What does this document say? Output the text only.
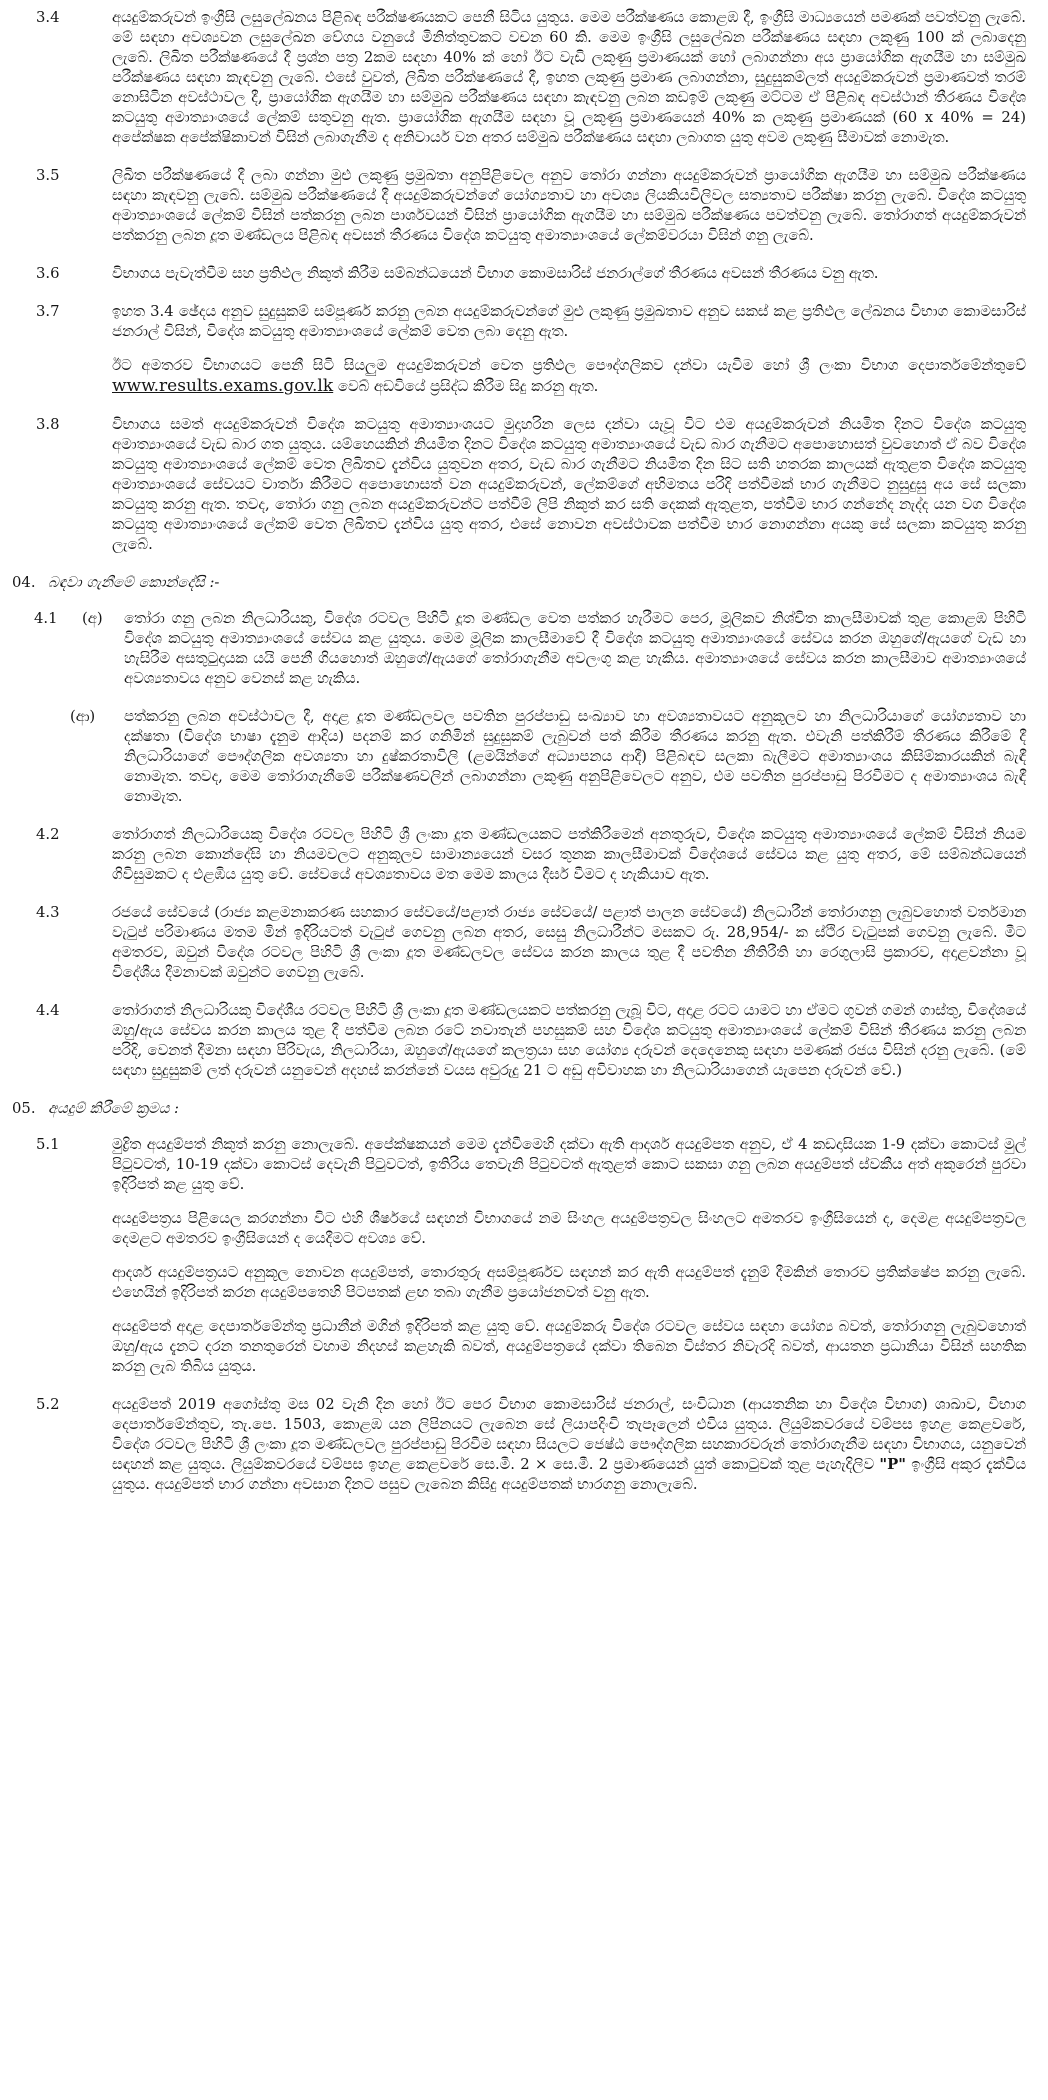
3.4	අයදුම්කරුවන් ඉංග්‍රීසි ලසුලේඛනය පිළිබඳ පරීක්ෂණයකට පෙනී සිටිය යුතුය. මෙම පරීක්ෂණය කොළඹ දී, ඉංග්‍රීසි මාධ්‍යයෙන් පමණක් පවත්වනු ලැබේ. මේ සඳහා අවශ්‍යවන ලසුලේඛන වේගය වනුයේ මිනිත්තුවකට වචන 60 කි. මෙම ඉංග්‍රීසි ලසුලේඛන පරීක්ෂණය සඳහා ලකුණු 100 ක් ලබාදෙනු ලැබේ. ලිඛිත පරීක්ෂණයේ දී ප්‍රශ්න පත්‍ර 2කම සඳහා 40% ක් හෝ ඊට වැඩි ලකුණු ප්‍රමාණයක් හෝ ලබාගන්නා අය ප්‍රායෝගික ඇගයීම හා සම්මුඛ පරීක්ෂණය සඳහා කැඳවනු ලැබේ. එසේ වුවත්, ලිඛිත පරීක්ෂණයේ දී, ඉහත ලකුණු ප්‍රමාණ ලබාගන්නා, සුදුසුකම්ලත් අයදුම්කරුවන් ප්‍රමාණවත් තරම් නොසිටින අවස්ථාවල දී, ප්‍රායෝගික ඇගයීම හා සම්මුඛ පරීක්ෂණය සඳහා කැඳවනු ලබන කඩඉම් ලකුණු මට්ටම ඒ පිළිබඳ අවස්ථාන් තීරණය විදේශ කටයුතු අමාත්‍යාංශයේ ලේකම් සතුවනු ඇත. ප්‍රායෝගික ඇගයීම සඳහා වූ ලකුණු ප්‍රමාණයෙන් 40% ක ලකුණු ප්‍රමාණයක් (60 x 40% = 24) අපේක්ෂක අපේක්ෂිකාවන් විසින් ලබාගැනීම ද අනිවාර්ය වන අතර සම්මුඛ පරීක්ෂණය සඳහා ලබාගත යුතු අවම ලකුණු සීමාවක් නොමැත.

3.5	ලිඛිත පරීක්ෂණයේ දී ලබා ගන්නා මුළු ලකුණු ප්‍රමුඛතා අනුපිළිවෙල අනුව තෝරා ගන්නා අයදුම්කරුවන් ප්‍රායෝගික ඇගයීම හා සම්මුඛ පරීක්ෂණය සඳහා කැඳවනු ලැබේ. සම්මුඛ පරීක්ෂණයේ දී අයදුම්කරුවන්ගේ යෝග්‍යතාව හා අවශ්‍ය ලියකියවිලිවල සත්‍යතාව පරීක්ෂා කරනු ලැබේ. විදේශ කටයුතු අමාත්‍යාංශයේ ලේකම් විසින් පත්කරනු ලබන පාර්ශවයන් විසින් ප්‍රායෝගික ඇගයීම හා සම්මුඛ පරීක්ෂණය පවත්වනු ලැබේ. තෝරාගත් අයදුම්කරුවන් පත්කරනු ලබන දූත මණ්ඩලය පිළිබඳ අවසන් තීරණය විදේශ කටයුතු අමාත්‍යාංශයේ ලේකම්වරයා විසින් ගනු ලැබේ.

3.6	විභාගය පැවැත්වීම සහ ප්‍රතිඵල නිකුත් කිරීම සම්බන්ධයෙන් විභාග කොමසාරිස් ජනරාල්ගේ තීරණය අවසන් තීරණය වනු ඇත.

3.7	ඉහත 3.4 ඡේදය අනුව සුදුසුකම් සම්පූර්ණ කරනු ලබන අයදුම්කරුවන්ගේ මුළු ලකුණු ප්‍රමුඛතාව අනුව සකස් කළ ප්‍රතිඵල ලේඛනය විභාග කොමසාරිස් ජනරාල් විසින්, විදේශ කටයුතු අමාත්‍යාංශයේ ලේකම් වෙත ලබා දෙනු ඇත.

ඊට අමතරව විභාගයට පෙනී සිටි සියලුම අයදුම්කරුවන් වෙත ප්‍රතිඵල පෞද්ගලිකව දන්වා යැවීම හෝ ශ්‍රී ලංකා විභාග දෙපාර්තමේන්තුවේ www.results.exams.gov.lk වෙබ් අඩවියේ ප්‍රසිද්ධ කිරීම සිදු කරනු ඇත.

3.8	විභාගය සමත් අයදුම්කරුවන් විදේශ කටයුතු අමාත්‍යාංශයට මුදාහරින ලෙස දන්වා යැවූ විට එම අයදුම්කරුවන් නියමිත දිනට විදේශ කටයුතු අමාත්‍යාංශයේ වැඩ බාර ගත යුතුය. යම්හෙයකින් නියමිත දිනට විදේශ කටයුතු අමාත්‍යාංශයේ වැඩ බාර ගැනීමට අපොහොසත් වුවහොත් ඒ බව විදේශ කටයුතු අමාත්‍යාංශයේ ලේකම් වෙත ලිඛිතව දැන්විය යුතුවන අතර, වැඩ බාර ගැනීමට නියමිත දින සිට සති හතරක කාලයක් ඇතුළත විදේශ කටයුතු අමාත්‍යාංශයේ සේවයට වාර්තා කිරීමට අපොහොසත් වන අයදුම්කරුවන්, ලේකම්ගේ අභිමතය පරිදි පත්වීමක් භාර ගැනීමට නුසුදුසු අය සේ සලකා කටයුතු කරනු ඇත. තවද, තෝරා ගනු ලබන අයදුම්කරුවන්ට පත්වීම් ලිපි නිකුත් කර සති දෙකක් ඇතුළත, පත්වීම භාර ගන්නේද නැද්ද යන වග විදේශ කටයුතු අමාත්‍යාංශයේ ලේකම් වෙත ලිඛිතව දැන්විය යුතු අතර, එසේ නොවන අවස්ථාවක පත්වීම භාර නොගන්නා අයකු සේ සලකා කටයුතු කරනු ලැබේ.

04. බඳවා ගැනීමේ කොන්දේසි :-
4.1	(අ)	තෝරා ගනු ලබන නිලධාරියකු, විදේශ රටවල පිහිටි දූත මණ්ඩල වෙත පත්කර හැරීමට පෙර, මූලිකව නිශ්චිත කාලසීමාවක් තුළ කොළඹ පිහිටි විදේශ කටයුතු අමාත්‍යාංශයේ සේවය කළ යුතුය. මෙම මූලික කාලසීමාවේ දී විදේශ කටයුතු අමාත්‍යාංශයේ සේවය කරන ඔහුගේ/ඇයගේ වැඩ හා හැසිරීම අසතුටුදායක යයි පෙනී ගියහොත් ඔහුගේ/ඇයගේ තෝරාගැනීම අවලංගු කළ හැකිය. අමාත්‍යාංශයේ සේවය කරන කාලසීමාව අමාත්‍යාංශයේ අවශ්‍යතාවය අනුව වෙනස් කළ හැකිය.

(ආ)	පත්කරනු ලබන අවස්ථාවල දී, අදාළ දූත මණ්ඩලවල පවතින පුරප්පාඩු සංඛ්‍යාව හා අවශ්‍යතාවයට අනුකූලව හා නිලධාරියාගේ යෝග්‍යතාව හා දක්ෂතා (විදේශ භාෂා දැනුම ආදිය) පදනම් කර ගනිමින් සුදුසුකම් ලැබුවන් පත් කිරීම තීරණය කරනු ඇත. එවැනි පත්කිරීම් තීරණය කිරීමේ දී නිලධාරියාගේ පෞද්ගලික අවශ්‍යතා හා දුෂ්කරතාවිලි (ළමයින්ගේ අධ්‍යාපනය ආදී) පිළිබඳව සලකා බැලීමට අමාත්‍යාංශය කිසිම්කාරයකින් බැඳී නොමැත. තවද, මෙම තෝරාගැනීමේ පරීක්ෂණවලින් ලබාගන්නා ලකුණු අනුපිළිවෙලට අනුව, එම පවතින පුරප්පාඩු පිරවීමට ද අමාත්‍යාංශය බැඳී නොමැත.

4.2	තෝරාගත් නිලධාරියෙකු විදේශ රටවල පිහිටි ශ්‍රී ලංකා දූත මණ්ඩලයකට පත්කිරීමෙන් අනතුරුව, විදේශ කටයුතු අමාත්‍යාංශයේ ලේකම් විසින් නියම කරනු ලබන කොන්දේසි හා නියමවලට අනුකූලව සාමාන්‍යයෙන් වසර තුනක කාලසීමාවක් විදේශයේ සේවය කළ යුතු අතර, මේ සම්බන්ධයෙන් ගිවිසුමකට ද එළඹිය යුතු වේ. සේවයේ අවශ්‍යතාවය මත මෙම කාලය දීර්ඝ වීමට ද හැකියාව ඇත.

4.3	රජයේ සේවයේ (රාජ්‍ය කළමනාකරණ සහකාර සේවයේ/පළාත් රාජ්‍ය සේවයේ/ පළාත් පාලන සේවයේ) නිලධාරීන් තෝරාගනු ලැබුවහොත් වර්තමාන වැටුප් පරිමාණය මතම මින් ඉදිරියටත් වැටුප් ගෙවනු ලබන අතර, සෙසු නිලධාරීන්ට මසකට රු. 28,954/- ක ස්ථිර වැටුපක් ගෙවනු ලැබේ. මීට අමතරව, ඔවුන් විදේශ රටවල පිහිටි ශ්‍රී ලංකා දූත මණ්ඩලවල සේවය කරන කාලය තුළ දී පවතින නීතිරීති හා රෙගුලාසි ප්‍රකාරව, අදාළවන්නා වූ විදේශීය දීමනාවක් ඔවුන්ට ගෙවනු ලැබේ.

4.4	තෝරාගත් නිලධාරියකු විදේශීය රටවල පිහිටි ශ්‍රී ලංකා දූත මණ්ඩලයකට පත්කරනු ලැබූ විට, අදාළ රටට යාමට හා ඒමට ගුවන් ගමන් ගාස්තු, විදේශයේ ඔහු/ඇය සේවය කරන කාලය තුළ දී පත්වීම ලබන රටේ නවාතැන් පහසුකම් සහ විදේශ කටයුතු අමාත්‍යාංශයේ ලේකම් විසින් තීරණය කරනු ලබන පරිදි, වෙනත් දීමනා සඳහා පිරිවැය, නිලධාරියා, ඔහුගේ/ඇයගේ කලත්‍රයා සහ යෝග්‍ය දරුවන් දෙදෙනෙකු සඳහා පමණක් රජය විසින් දරනු ලැබේ. (මේ සඳහා සුදුසුකම් ලත් දරුවන් යනුවෙන් අදහස් කරන්නේ වයස අවුරුදු 21 ට අඩු අවිවාහක හා නිලධාරියාගෙන් යැපෙන දරුවන් වේ.)

05. අයදුම් කිරීමේ ක්‍රමය :
5.1	මුද්‍රිත අයදුම්පත් නිකුත් කරනු නොලැබේ. අපේක්ෂකයන් මෙම දැන්වීමෙහි දක්වා ඇති ආදර්ශ අයදුම්පත අනුව, ඒ 4 කඩදාසියක 1-9 දක්වා කොටස් මුල් පිටුවටත්, 10-19 දක්වා කොටස් දෙවැනි පිටුවටත්, ඉතිරිය තෙවැනි පිටුවටත් ඇතුළත් කොට සකසා ගනු ලබන අයදුම්පත් ස්වකීය අත් අකුරෙන් පුරවා ඉදිරිපත් කළ යුතු වේ.

අයදුම්පත්‍රය පිළියෙල කරගන්නා විට එහි ශීර්ෂයේ සඳහන් විභාගයේ නම සිංහල අයදුම්පත්‍රවල සිංහලට අමතරව ඉංග්‍රීසියෙන් ද, දෙමළ අයදුම්පත්‍රවල දෙමළට අමතරව ඉංග්‍රීසියෙන් ද යෙදීමට අවශ්‍ය වේ.

ආදර්ශ අයදුම්පත්‍රයට අනුකූල නොවන අයදුම්පත්, තොරතුරු අසම්පූර්ණව සඳහන් කර ඇති අයදුම්පත් දැනුම් දීමකින් තොරව ප්‍රතික්ෂේප කරනු ලැබේ. එහෙයින් ඉදිරිපත් කරන අයදුම්පතෙහි පිටපතක් ළඟ තබා ගැනීම ප්‍රයෝජනවත් වනු ඇත.

අයදුම්පත් අදාළ දෙපාර්තමේන්තු ප්‍රධානීන් මගින් ඉදිරිපත් කළ යුතු වේ. අයදුම්කරු විදේශ රටවල සේවය සඳහා යෝග්‍ය බවත්, තෝරාගනු ලැබුවහොත් ඔහු/ඇය දැනට දරන තනතුරෙන් වහාම නිදහස් කළහැකි බවත්, අයදුම්පත්‍රයේ දක්වා තිබෙන විස්තර නිවැරදි බවත්, ආයතන ප්‍රධානියා විසින් සහතික කරනු ලැබ තිබිය යුතුය.

5.2	අයදුම්පත් 2019 අගෝස්තු මස 02 වැනි දින හෝ ඊට පෙර විභාග කොමසාරිස් ජනරාල්, සංවිධාන (ආයතනික හා විදේශ විභාග) ශාඛාව, විභාග දෙපාර්තමේන්තුව, තැ.පෙ. 1503, කොළඹ යන ලිපිනයට ලැබෙන සේ ලියාපදිංචි තැපෑලෙන් එවිය යුතුය. ලියුම්කවරයේ වම්පස ඉහළ කෙළවරේ, විදේශ රටවල පිහිටි ශ්‍රී ලංකා දූත මණ්ඩලවල පුරප්පාඩු පිරවීම සඳහා සියලට ජෙෂ්ඨ පෞද්ගලික සහකාරවරුන් තෝරාගැනීම සඳහා විභාගය, යනුවෙන් සඳහන් කළ යුතුය. ලියුම්කවරයේ වම්පස ඉහළ කෙළවරේ සෙ.මී. 2 × සෙ.මී. 2 ප්‍රමාණයෙන් යුත් කොටුවක් තුළ පැහැදිලිව "P" ඉංග්‍රීසි අකුර දැක්විය යුතුය. අයදුම්පත් භාර ගන්නා අවසාන දිනට පසුව ලැබෙන කිසිදු අයදුම්පතක් භාරගනු නොලැබේ.
